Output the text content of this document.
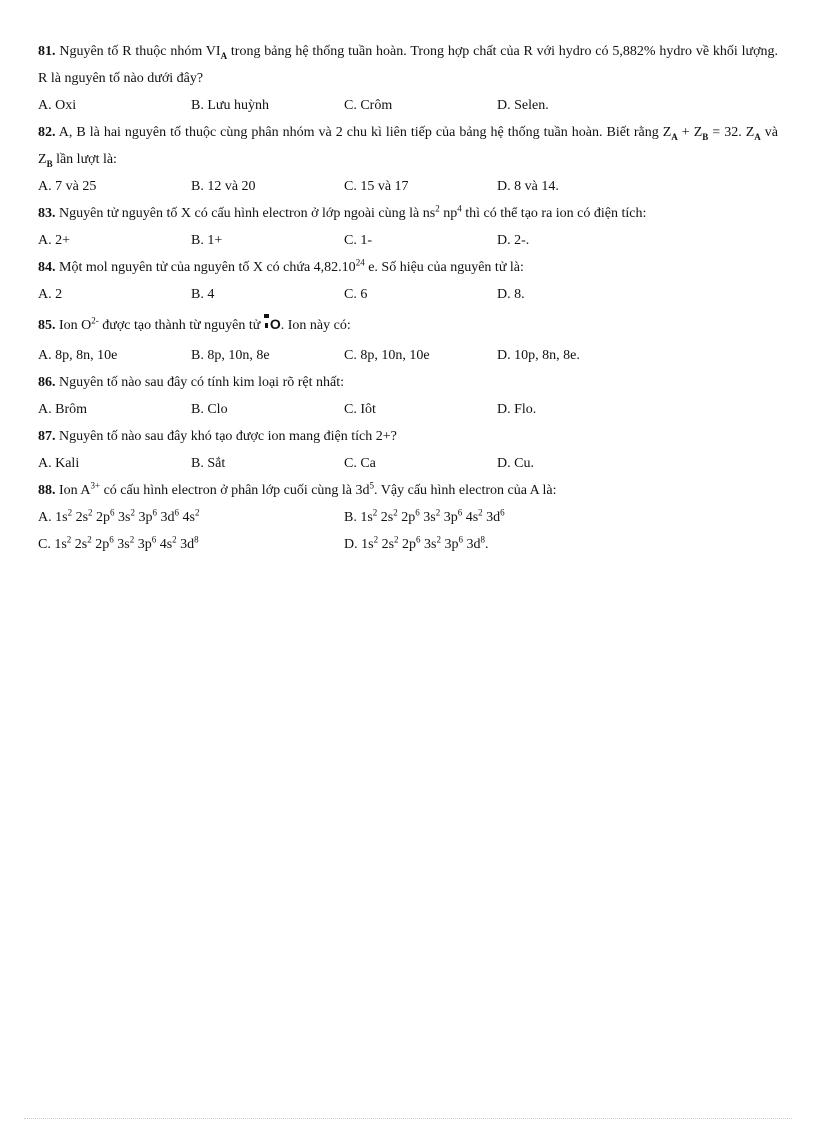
81. Nguyên tố R thuộc nhóm $VI_A$ trong bảng hệ thống tuần hoàn. Trong hợp chất của R với hydro có 5,882% hydro về khối lượng. R là nguyên tố nào dưới đây?
A. Oxi	B. Lưu huỳnh	C. Crôm	D. Selen.
82. A, B là hai nguyên tố thuộc cùng phân nhóm và 2 chu kì liên tiếp của bảng hệ thống tuần hoàn. Biết rằng $Z_A + Z_B = 32$. $Z_A$ và $Z_B$ lần lượt là:
A. 7 và 25	B. 12 và 20	C. 15 và 17	D. 8 và 14.
83. Nguyên tử nguyên tố X có cấu hình electron ở lớp ngoài cùng là $ns^2$ $np^4$ thì có thể tạo ra ion có điện tích:
A. 2+	B. 1+	C. 1-	D. 2-.
84. Một mol nguyên tử của nguyên tố X có chứa 4,82.10$^{24}$ e. Số hiệu của nguyên tử là:
A. 2	B. 4	C. 6	D. 8.
85. Ion $O^{2-}$ được tạo thành từ nguyên tử
O. Ion này có:
A. 8p, 8n, 10e	B. 8p, 10n, 8e	C. 8p, 10n, 10e	D. 10p, 8n, 8e.
86. Nguyên tố nào sau đây có tính kim loại rõ rệt nhất:
A. Brôm	B. Clo	C. Iôt	D. Flo.
87. Nguyên tố nào sau đây khó tạo được ion mang điện tích 2+?
A. Kali	B. Sắt	C. Ca	D. Cu.
88. Ion $A^{3+}$ có cấu hình electron ở phân lớp cuối cùng là $3d^5$. Vậy cấu hình electron của A là:
A. $1s^2$ $2s^2$ $2p^6$ $3s^2$ $3p^6$ $3d^6$ $4s^2$	B. $1s^2$ $2s^2$ $2p^6$ $3s^2$ $3p^6$ $4s^2$ $3d^6$
C. $1s^2$ $2s^2$ $2p^6$ $3s^2$ $3p^6$ $4s^2$ $3d^8$	D. $1s^2$ $2s^2$ $2p^6$ $3s^2$ $3p^6$ $3d^8$.
